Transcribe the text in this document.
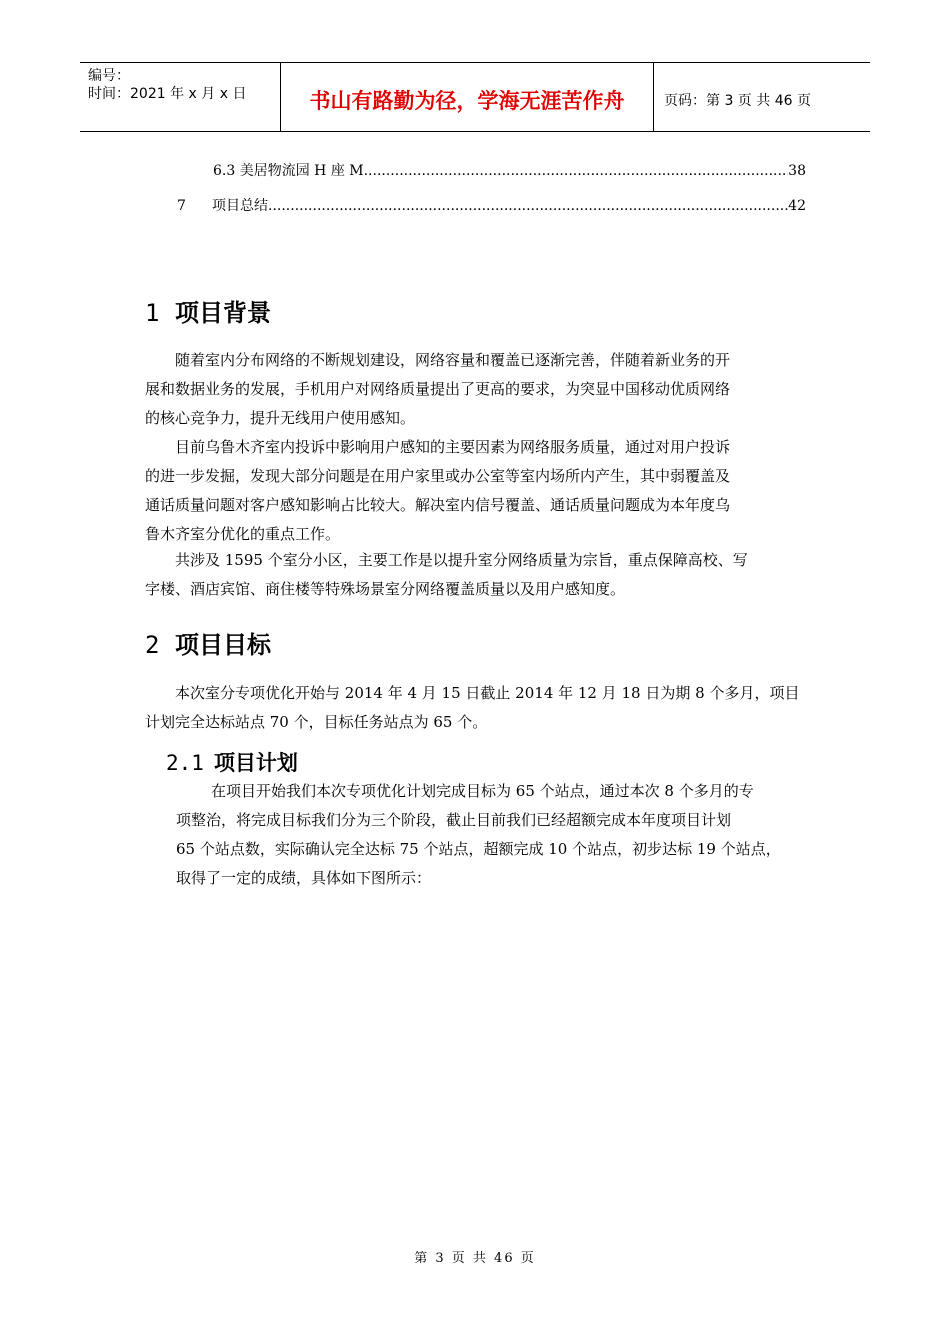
编号：
时间：2021 年 x 月 x 日	书山有路勤为径，学海无涯苦作舟	页码：第 3 页 共 46 页
6.3 美居物流园 H 座 M .....	38
7	项目总结 .....	42
1 项目背景
随着室内分布网络的不断规划建设，网络容量和覆盖已逐渐完善，伴随着新业务的开
展和数据业务的发展，手机用户对网络质量提出了更高的要求，为突显中国移动优质网络
的核心竞争力，提升无线用户使用感知。
目前乌鲁木齐室内投诉中影响用户感知的主要因素为网络服务质量，通过对用户投诉
的进一步发掘，发现大部分问题是在用户家里或办公室等室内场所内产生，其中弱覆盖及
通话质量问题对客户感知影响占比较大。解决室内信号覆盖、通话质量问题成为本年度乌
鲁木齐室分优化的重点工作。
共涉及 1595 个室分小区，主要工作是以提升室分网络质量为宗旨，重点保障高校、写
字楼、酒店宾馆、商住楼等特殊场景室分网络覆盖质量以及用户感知度。
2 项目目标
本次室分专项优化开始与 2014 年 4 月 15 日截止 2014 年 12 月 18 日为期 8 个多月，项目
计划完全达标站点 70 个，目标任务站点为 65 个。
2.1 项目计划
在项目开始我们本次专项优化计划完成目标为 65 个站点，通过本次 8 个多月的专
项整治，将完成目标我们分为三个阶段，截止目前我们已经超额完成本年度项目计划
65 个站点数，实际确认完全达标 75 个站点，超额完成 10 个站点，初步达标 19 个站点，
取得了一定的成绩，具体如下图所示：
第 3 页 共 46 页
